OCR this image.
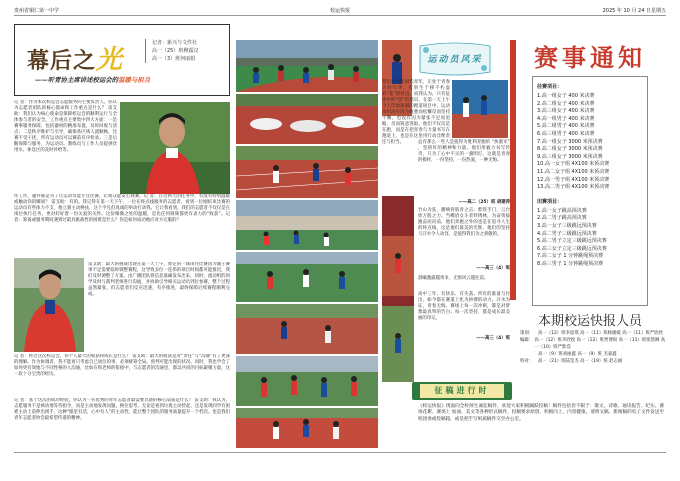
贵州省铜仁第一中学	校运快报	2025 年 10 月 24 日星期五
幕后之光
记者：新兴与文件社
高一（25）班穆露汉
高一（3）班何丽娟
——听青协主席讲述校运会的温暖与担当
记 者：作为本次校运会志愿服务的主要负责人，你认为志愿者团队的核心使命和工作重点是什么？ 雷支助：我们认为核心使命是保障校运会的顺利运行与全体参与者的安全。工作重点主要集中四大方面：一是赛事服务保障，包括器材的精准布置、及时回收与清点；二是秩序维护与引导，确保各区域人流顺畅，比赛不受干扰，所有运动员可以赛前有序检录。三是后勤保障与服务，为运动员、教练员与工作人员提供饮用水、休息区的及时补给等。
作工作，题件都是为了让运动员能专注比赛，让观众能安心观赛。记 者：在这两天的任务中，有没有特别温暖或触动你的瞬间？ 雷支助：有的。我记得在第一天下午，一位在终点线服务的志愿者，看到一位刚结束比赛的运动员有些体力不支，他立刻主动搀扶，这个平凡但真诚的举动打动我。它让我看到，我们的志愿者不仅仅是在岗位执行任务，更对好好着一份关爱的关怀。这份细微之处的温暖，是比任何频频都更有表力的“收获”。记 者：筹备或服务期间遇到过最具挑战性的困难是什么？你是如何成功地应对方完服的？
雷支助：最大的挑战出现在第一天上午，原定的一场田径比赛因为器子赛事不足需要临时调整赛程，这导致多位一连串的项目时间都可能推迟，我们及时调整了方案，由广播团队将信息准确发布出来，同时，流动组的同学及时与裁判老师进行沟通，并协助引导相关运动员到位参赛，整个过程虽然紧张，但志愿者们反应迅速，有序推进，最终保障后续赛程顺利完成。
记 者：经过这次校运会，你个人最大的收获和成长是什么？ 雷支助：最大的收获是对“责任”与“沟通”有了更深的理解。作为协调者，我不能再只考虑自己岗位的事，必须统筹全局。预判可能出现的状况。同时，我也学会了如何更有效地与不同性格的人沟通，比如在和老师的衔接中，与志愿者的沟通里，都以共同的目标凝聚力量，这一段十分宝贵的经历。
记 者：基于这次的成功经验，你认为一名优秀的青年志愿者最需要具备的核心品质是什么？ 雷支助：我认为，志愿服务不是被动地等待指令，而是主动地发现问题。换位思考，无论是看到垃圾主动捡起，还是发现同学有困难主动上前伸出援手，这种“眼里有活，心中有人”的主动性，能让整个团队的服务质量提升一个档次。也是我们青年志愿者协会最希望传递的精神。
运动员风采
我们作为新时代青年，正处于青春大好年华，有别生于移不朽虚的“花”的特点。而我认为，只有征途中的“创”的意识，在第一天上午令人印象深刻的跑道项目中，运动员们没有因为疲惫而松懈反而坚持不懈，也没有因为紧张不足而退缩，反而锐意进取，他们不仅仅是在跑，而是在把青春与力量书写在跑道上，也是在这里用行动诠释责任与担当。	总有那么一些人是值得为胜利奔跑的 “执裹军” ，坚韧好的精神和力量。他们用毅力书写传奇，只为了心中不灭的一盏明灯，这就是青春的模样，一份坚持，一份热爱，一种无悔。
——高二（25）班 胡建萍
竹山为弦，播响骨肌青之击；紫铁手门，云台欣万般之力。当峨眉女斗者铁锈林，为奋勇拔跑奋而向前，他们奔跑之外的也是在追寻人生的终点线，这是他们最美的光辉，他们的坚持与汗水令人动容，是值得我们为之骄傲的。
——高三（4）班
晨曦激露越勇争，无惧风云越往前。
高中三年，有快乐、有失落。所有的准备与付出，如今都在赛道上化为拼搏的动力。汗水为证，青春无悔。赛场上每一次冲刺，都是对梦想最真挚的告白；每一次坚持，都是成长最美丽的印记。
——高三（4）班
赛事通知
径赛项目：
1.高一组女子 400 米决赛
2.高二组女子 400 米决赛
3.高三组女子 400 米决赛
4.高一组男子 400 米决赛
5.高二组男子 400 米决赛
6.高三组男子 400 米决赛
7.高一组女子 3000 米预决赛
8.高二组女子 3000 米预决赛
9.高三组女子 3000 米预决赛
10.高一女子组 4X100 米预决赛
11.高二女子组 4X100 米预决赛
12.高一男子组 4X100 米预决赛
13.高二男子组 4X100 米预决赛
田赛项目：
1.高一女子跳高预决赛
2.高二男子跳高预决赛
3.高一女子三级跳远预决赛
4.高二男子三级跳远预决赛
5.高二男子立定三级跳远预决赛
6.高三女子立定三级跳远预决赛
7.高二女子 1 分钟跳绳预决赛
8.高三男子 1 分钟跳绳预决赛
本期校运快报人员
策划：	高一（12）班李思琪 高一（11）班杨媛媛 高一（11）班严欣欣
编辑： 高一（12）班李欣悦 高一（12）班贾博锐 高一（11）班张凯琳 高一（10）班严紫滢
高一（9）班刘丽鑫 高一（9）班 杰嘉鑫
校对：	高一（21）班陆莹杰 高一（19）班 赵志丽
征稿进行时
《校运快报》现面向全校师生诚征稿件，欢迎大家积极踊跃投稿！稿件包括但不限于：散文、诗歌、通讯报告、纪实、赛场花絮、赛场上 加油、美文等各种形式稿件，投稿要求原创、积极向上，内容健康。请将文稿、新闻稿的电子文件发送至校团委或投稿箱，或是把手写纸质稿件交至办公室。
